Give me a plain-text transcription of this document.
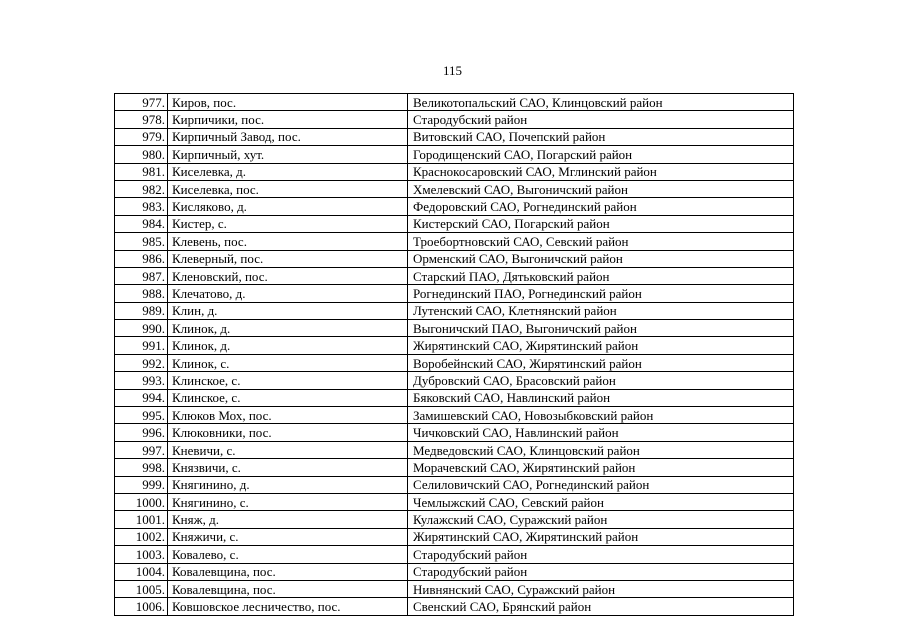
115
977.	Киров, пос.	Великотопальский САО, Клинцовский район
978.	Кирпичики, пос.	Стародубский район
979.	Кирпичный Завод, пос.	Витовский САО, Почепский район
980.	Кирпичный, хут.	Городищенский САО, Погарский район
981.	Киселевка, д.	Краснокосаровский САО, Мглинский район
982.	Киселевка, пос.	Хмелевский САО, Выгоничский район
983.	Кисляково, д.	Федоровский САО, Рогнединский район
984.	Кистер, с.	Кистерский САО, Погарский район
985.	Клевень, пос.	Троебортновский САО, Севский район
986.	Клеверный, пос.	Орменский САО, Выгоничский район
987.	Кленовский, пос.	Старский ПАО, Дятьковский район
988.	Клечатово, д.	Рогнединский ПАО, Рогнединский район
989.	Клин, д.	Лутенский САО, Клетнянский район
990.	Клинок, д.	Выгоничский ПАО, Выгоничский район
991.	Клинок, д.	Жирятинский САО, Жирятинский район
992.	Клинок, с.	Воробейнский САО, Жирятинский район
993.	Клинское, с.	Дубровский САО, Брасовский район
994.	Клинское, с.	Бяковский САО, Навлинский район
995.	Клюков Мох, пос.	Замишевский САО, Новозыбковский район
996.	Клюковники, пос.	Чичковский САО, Навлинский район
997.	Кневичи, с.	Медведовский САО, Клинцовский район
998.	Князвичи, с.	Морачевский САО, Жирятинский район
999.	Княгинино, д.	Селиловичский САО, Рогнединский район
1000.	Княгинино, с.	Чемлыжский САО, Севский район
1001.	Княж, д.	Кулажский САО, Суражский район
1002.	Княжичи, с.	Жирятинский САО, Жирятинский район
1003.	Ковалево, с.	Стародубский район
1004.	Ковалевщина, пос.	Стародубский район
1005.	Ковалевщина, пос.	Нивнянский САО, Суражский район
1006.	Ковшовское лесничество, пос.	Свенский САО, Брянский район
